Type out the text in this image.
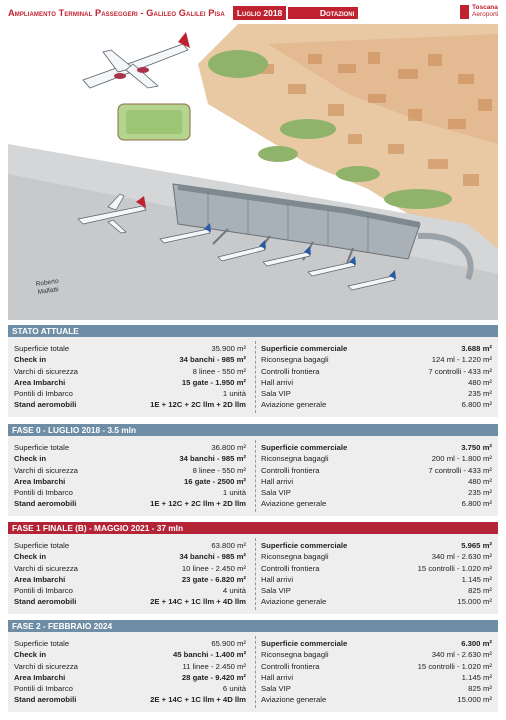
Ampliamento Terminal Passeggeri - Galileo Galilei Pisa	Luglio 2018	Dotazioni
Toscana
Aeroporti
Roberto
Malfatti
STATO ATTUALE
Superficie totale	35.900 m²
Check in	34 banchi - 985 m²
Varchi di sicurezza	8 linee - 550 m²
Area Imbarchi	15 gate - 1.950 m²
Pontili di Imbarco	1 unità
Stand aeromobili	1E + 12C + 2C llm + 2D llm
Superficie commerciale	3.688 m²
Riconsegna bagagli	124 ml - 1.220 m²
Controlli frontiera	7 controlli - 433 m²
Hall arrivi	480 m²
Sala VIP	235 m²
Aviazione generale	6.800 m²
FASE 0 - LUGLIO 2018 - 3.5 mln
Superficie totale	36.800 m²
Check in	34 banchi - 985 m²
Varchi di sicurezza	8 linee - 550 m²
Area Imbarchi	16 gate - 2500 m²
Pontili di Imbarco	1 unità
Stand aeromobili	1E + 12C + 2C llm + 2D llm
Superficie commerciale	3.750 m²
Riconsegna bagagli	200 ml - 1.800 m²
Controlli frontiera	7 controlli - 433 m²
Hall arrivi	480 m²
Sala VIP	235 m²
Aviazione generale	6.800 m²
FASE 1 FINALE (B) - MAGGIO 2021 - 37 mln
Superficie totale	63.800 m²
Check in	34 banchi - 985 m²
Varchi di sicurezza	10 linee - 2.450 m²
Area Imbarchi	23 gate - 6.820 m²
Pontili di Imbarco	4 unità
Stand aeromobili	2E + 14C + 1C llm + 4D llm
Superficie commerciale	5.965 m²
Riconsegna bagagli	340 ml - 2.630 m²
Controlli frontiera	15 controlli - 1.020 m²
Hall arrivi	1.145 m²
Sala VIP	825 m²
Aviazione generale	15.000 m²
FASE 2 - FEBBRAIO 2024
Superficie totale	65.900 m²
Check in	45 banchi - 1.400 m²
Varchi di sicurezza	11 linee - 2.450 m²
Area Imbarchi	28 gate - 9.420 m²
Pontili di Imbarco	6 unità
Stand aeromobili	2E + 14C + 1C llm + 4D llm
Superficie commerciale	6.300 m²
Riconsegna bagagli	340 ml - 2.630 m²
Controlli frontiera	15 controlli - 1.020 m²
Hall arrivi	1.145 m²
Sala VIP	825 m²
Aviazione generale	15.000 m²
